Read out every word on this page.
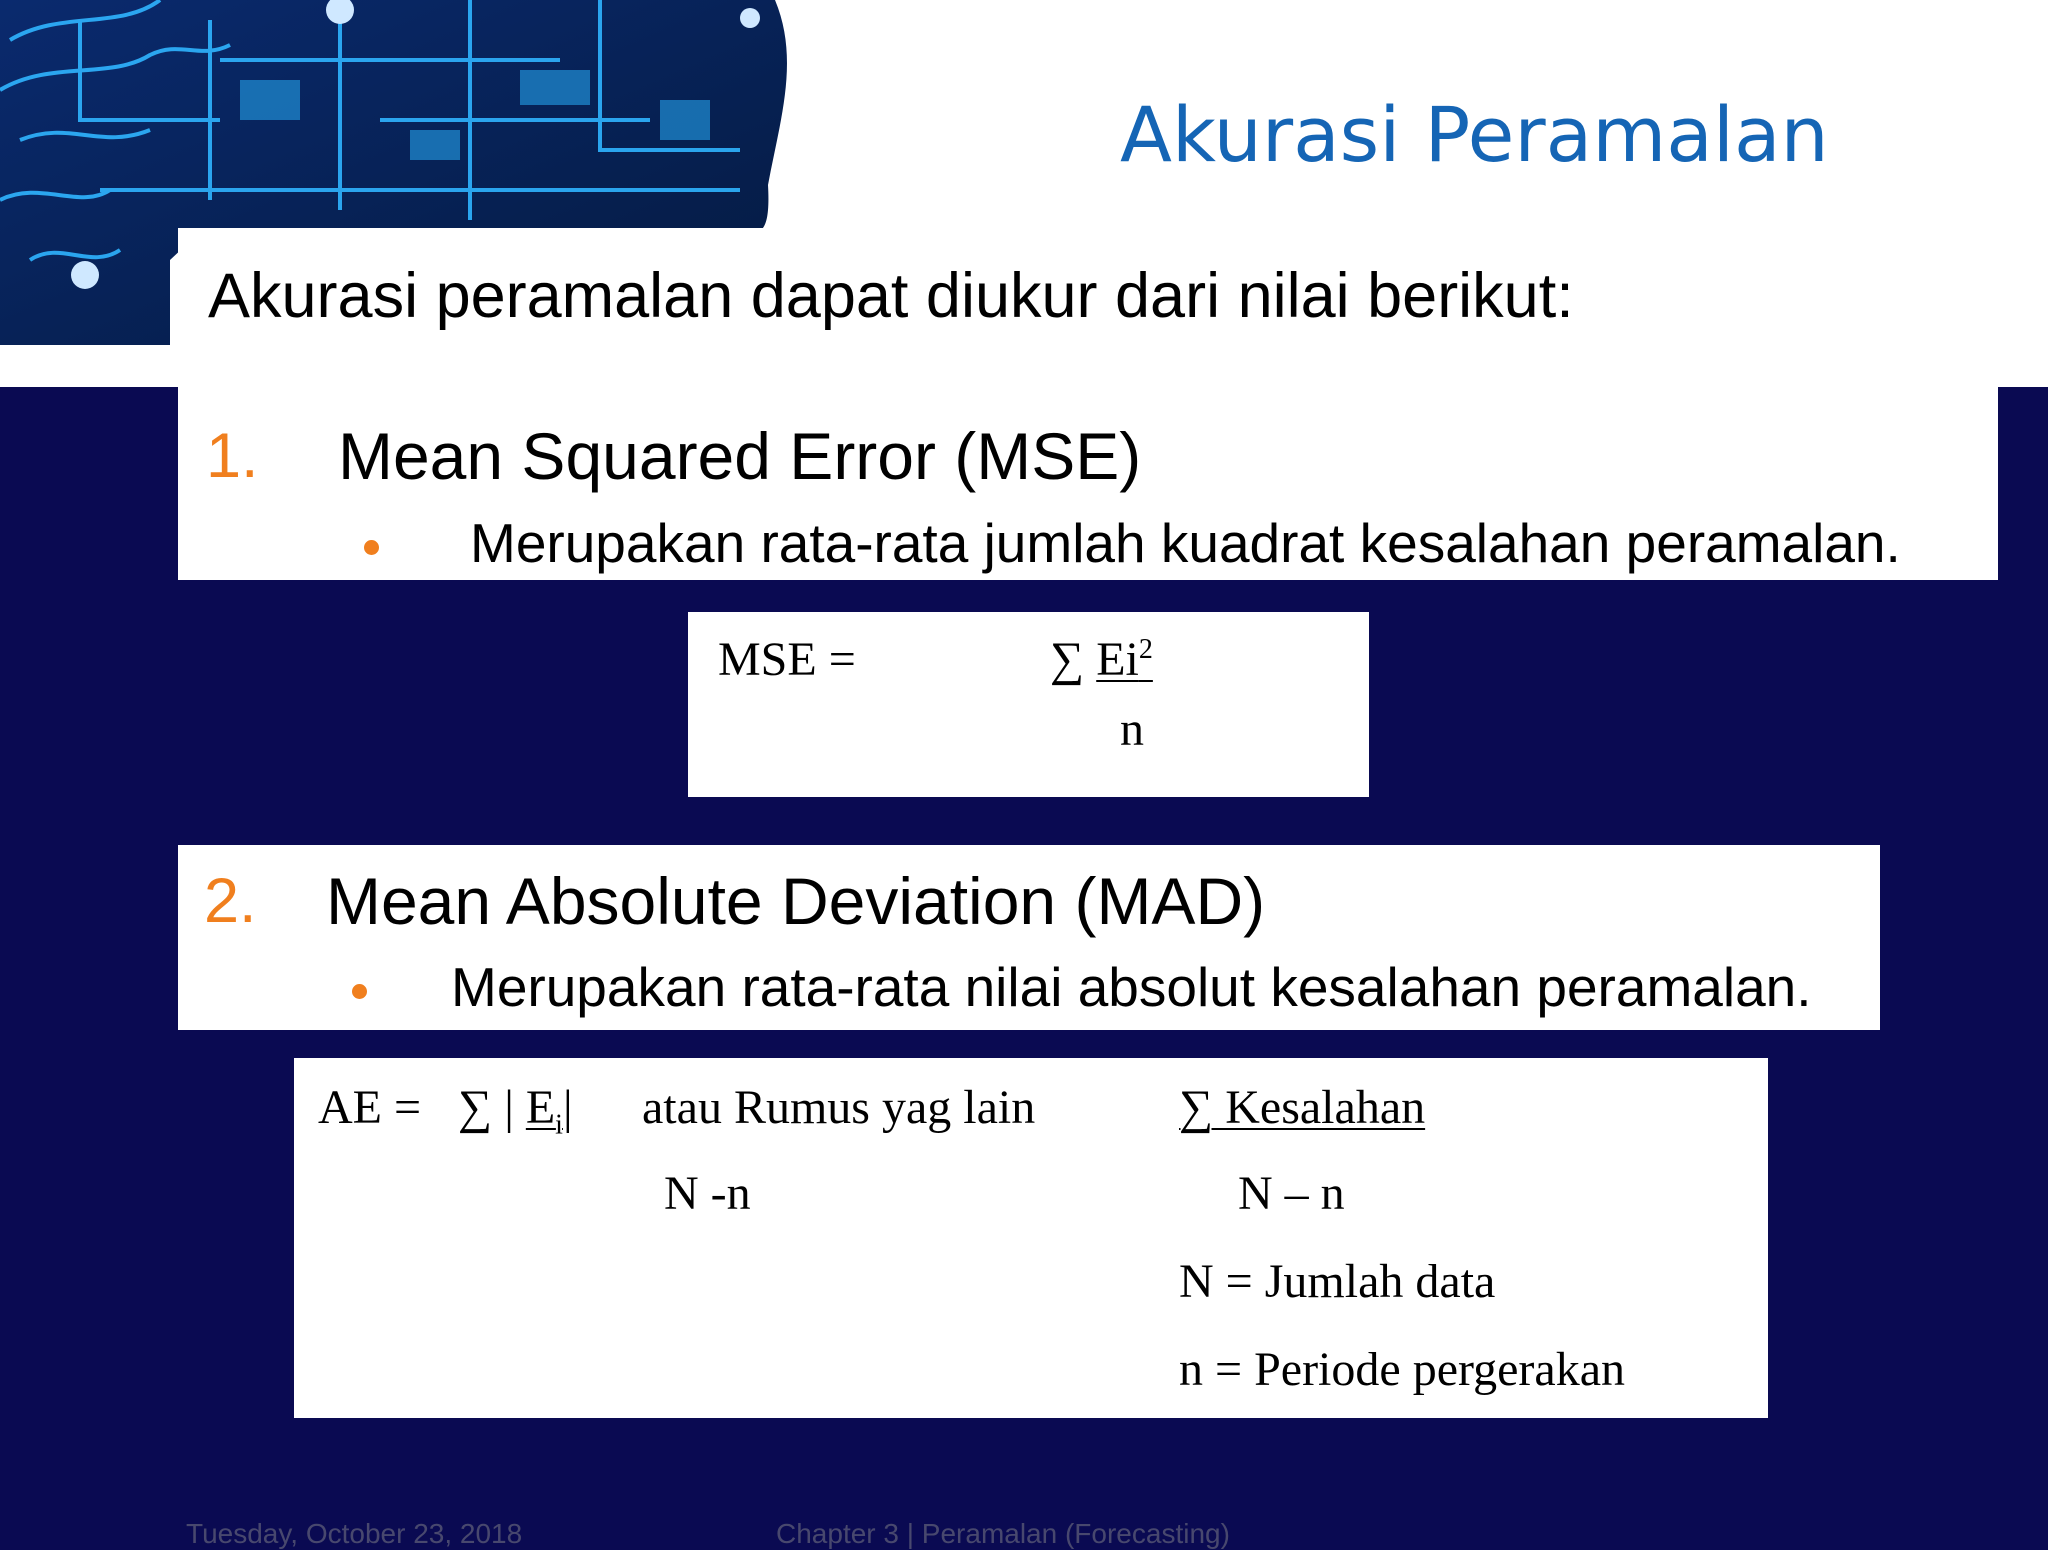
Akurasi Peramalan
Akurasi peramalan dapat diukur dari nilai berikut:
1. Mean Squared Error (MSE)
Merupakan rata-rata jumlah kuadrat kesalahan peramalan.
MSE =	∑ Ei$^2$
n
2. Mean Absolute Deviation (MAD)
Merupakan rata-rata nilai absolut kesalahan peramalan.
AE = ∑ | $E_i|$ atau Rumus yag lain
N -n
∑ Kesalahan
N – n
N = Jumlah data
n = Periode pergerakan
Tuesday, October 23, 2018	Chapter 3 | Peramalan (Forecasting)
